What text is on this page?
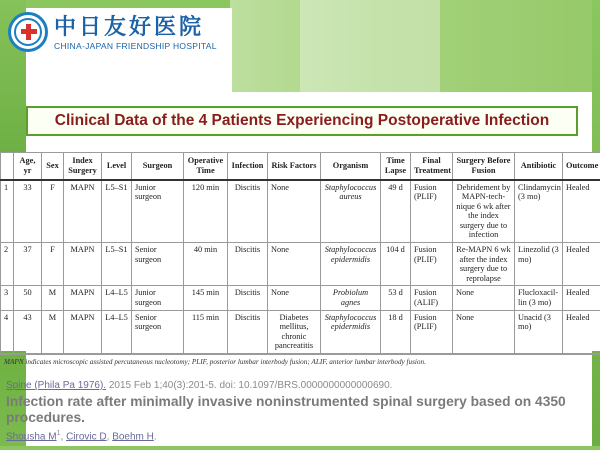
中日友好医院
CHINA-JAPAN FRIENDSHIP HOSPITAL
Clinical Data of the 4 Patients Experiencing Postoperative Infection
	Age, yr	Sex	Index Surgery	Level	Surgeon	Operative Time	Infection	Risk Factors	Organism	Time Lapse	Final Treatment	Surgery Before Fusion	Antibiotic	Outcome
1	33	F	MAPN	L5–S1	Junior surgeon	120 min	Discitis	None	Staphylococcus aureus	49 d	Fusion (PLIF)	Debridement by MAPN-tech-nique 6 wk after the index surgery due to infection	Clindamycin (3 mo)	Healed
2	37	F	MAPN	L5–S1	Senior surgeon	40 min	Discitis	None	Staphylococcus epidermidis	104 d	Fusion (PLIF)	Re-MAPN 6 wk after the index surgery due to reprolapse	Linezolid (3 mo)	Healed
3	50	M	MAPN	L4–L5	Junior surgeon	145 min	Discitis	None	Probiolum agnes	53 d	Fusion (ALIF)	None	Flucloxacil-lin (3 mo)	Healed
4	43	M	MAPN	L4–L5	Senior surgeon	115 min	Discitis	Diabetes mellitus, chronic pancreatitis	Staphylococcus epidermidis	18 d	Fusion (PLIF)	None	Unacid (3 mo)	Healed
MAPN indicates microscopic assisted percutaneous nucleotomy; PLIF, posterior lumbar interbody fusion; ALIF, anterior lumbar interbody fusion.
Spine (Phila Pa 1976). 2015 Feb 1;40(3):201-5. doi: 10.1097/BRS.0000000000000690.
Infection rate after minimally invasive noninstrumented spinal surgery based on 4350 procedures.
Shousha $M^1$, Cirovic D, Boehm H.
